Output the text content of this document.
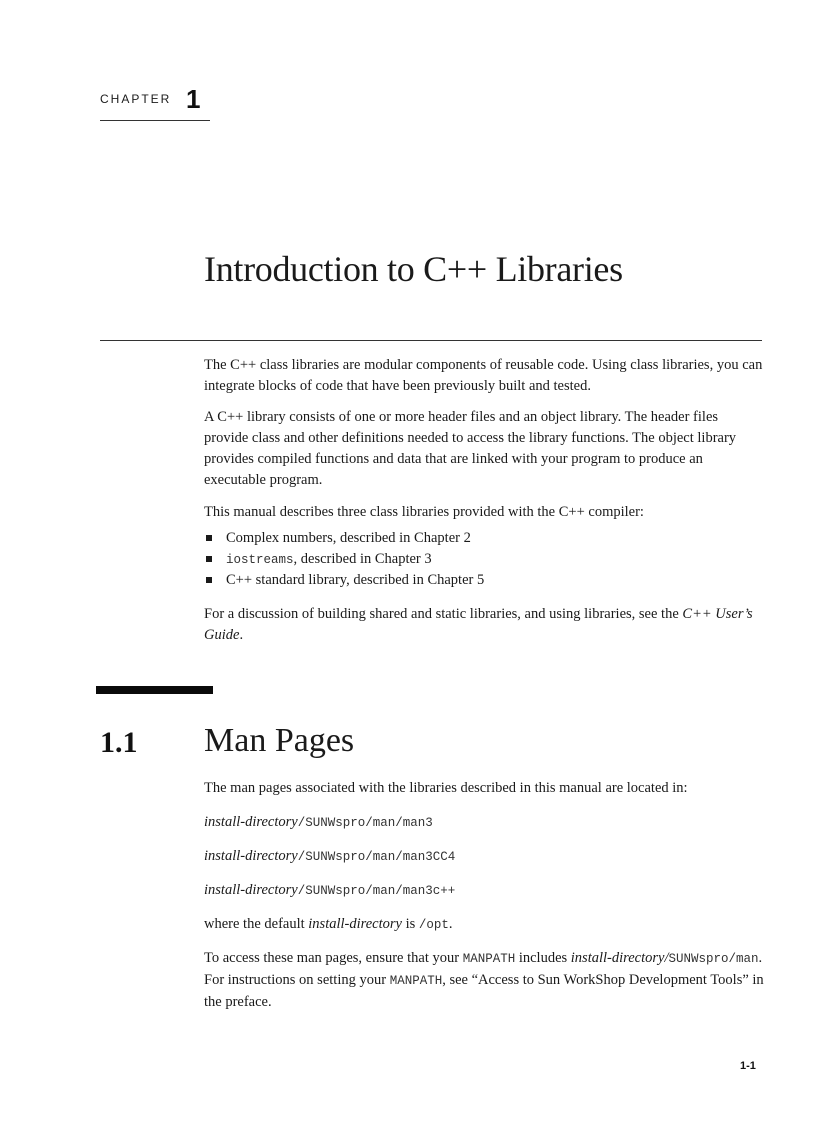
CHAPTER 1
Introduction to C++ Libraries

The C++ class libraries are modular components of reusable code. Using class libraries, you can integrate blocks of code that have been previously built and tested.

A C++ library consists of one or more header files and an object library. The header files provide class and other definitions needed to access the library functions. The object library provides compiled functions and data that are linked with your program to produce an executable program.

This manual describes three class libraries provided with the C++ compiler:

Complex numbers, described in Chapter 2
iostreams, described in Chapter 3
C++ standard library, described in Chapter 5

For a discussion of building shared and static libraries, and using libraries, see the C++ User’s Guide.

1.1 Man Pages

The man pages associated with the libraries described in this manual are located in:

install-directory/SUNWspro/man/man3

install-directory/SUNWspro/man/man3CC4

install-directory/SUNWspro/man/man3c++

where the default install-directory is /opt.

To access these man pages, ensure that your MANPATH includes install-directory/SUNWspro/man. For instructions on setting your MANPATH, see “Access to Sun WorkShop Development Tools” in the preface.

1-1
